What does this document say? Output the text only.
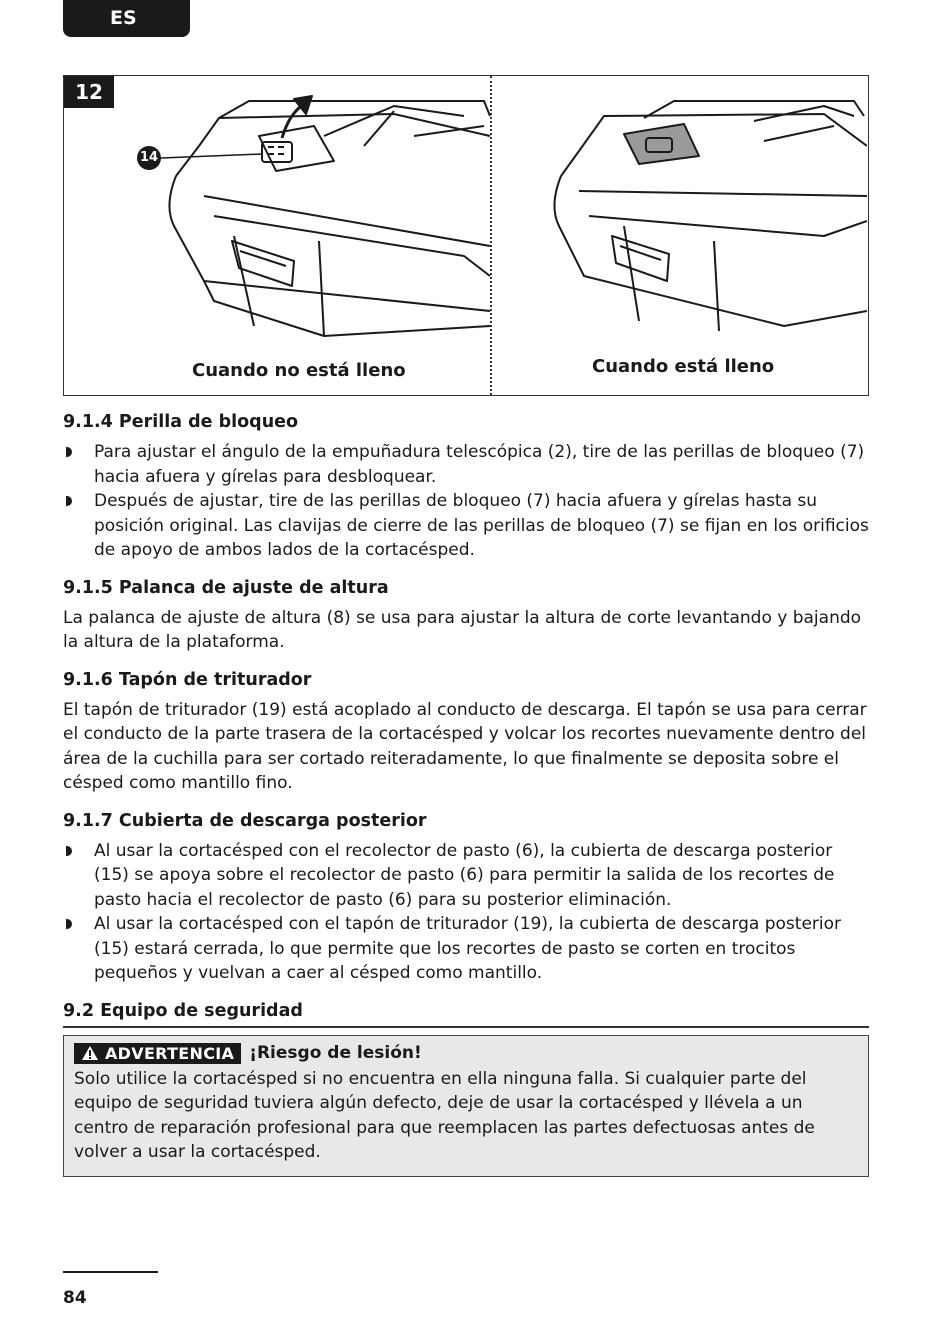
ES
12
14
Cuando no está lleno	Cuando está lleno
9.1.4 Perilla de bloqueo
Para ajustar el ángulo de la empuñadura telescópica (2), tire de las perillas de bloqueo (7) hacia afuera y gírelas para desbloquear.
Después de ajustar, tire de las perillas de bloqueo (7) hacia afuera y gírelas hasta su posición original. Las clavijas de cierre de las perillas de bloqueo (7) se fijan en los orificios de apoyo de ambos lados de la cortacésped.
9.1.5 Palanca de ajuste de altura

La palanca de ajuste de altura (8) se usa para ajustar la altura de corte levantando y bajando la altura de la plataforma.

9.1.6 Tapón de triturador

El tapón de triturador (19) está acoplado al conducto de descarga. El tapón se usa para cerrar el conducto de la parte trasera de la cortacésped y volcar los recortes nuevamente dentro del área de la cuchilla para ser cortado reiteradamente, lo que finalmente se deposita sobre el césped como mantillo fino.

9.1.7 Cubierta de descarga posterior
Al usar la cortacésped con el recolector de pasto (6), la cubierta de descarga posterior (15) se apoya sobre el recolector de pasto (6) para permitir la salida de los recortes de pasto hacia el recolector de pasto (6) para su posterior eliminación.
Al usar la cortacésped con el tapón de triturador (19), la cubierta de descarga posterior (15) estará cerrada, lo que permite que los recortes de pasto se corten en trocitos pequeños y vuelvan a caer al césped como mantillo.
9.2 Equipo de seguridad
ADVERTENCIA ¡Riesgo de lesión!

Solo utilice la cortacésped si no encuentra en ella ninguna falla. Si cualquier parte del equipo de seguridad tuviera algún defecto, deje de usar la cortacésped y llévela a un centro de reparación profesional para que reemplacen las partes defectuosas antes de volver a usar la cortacésped.

84
